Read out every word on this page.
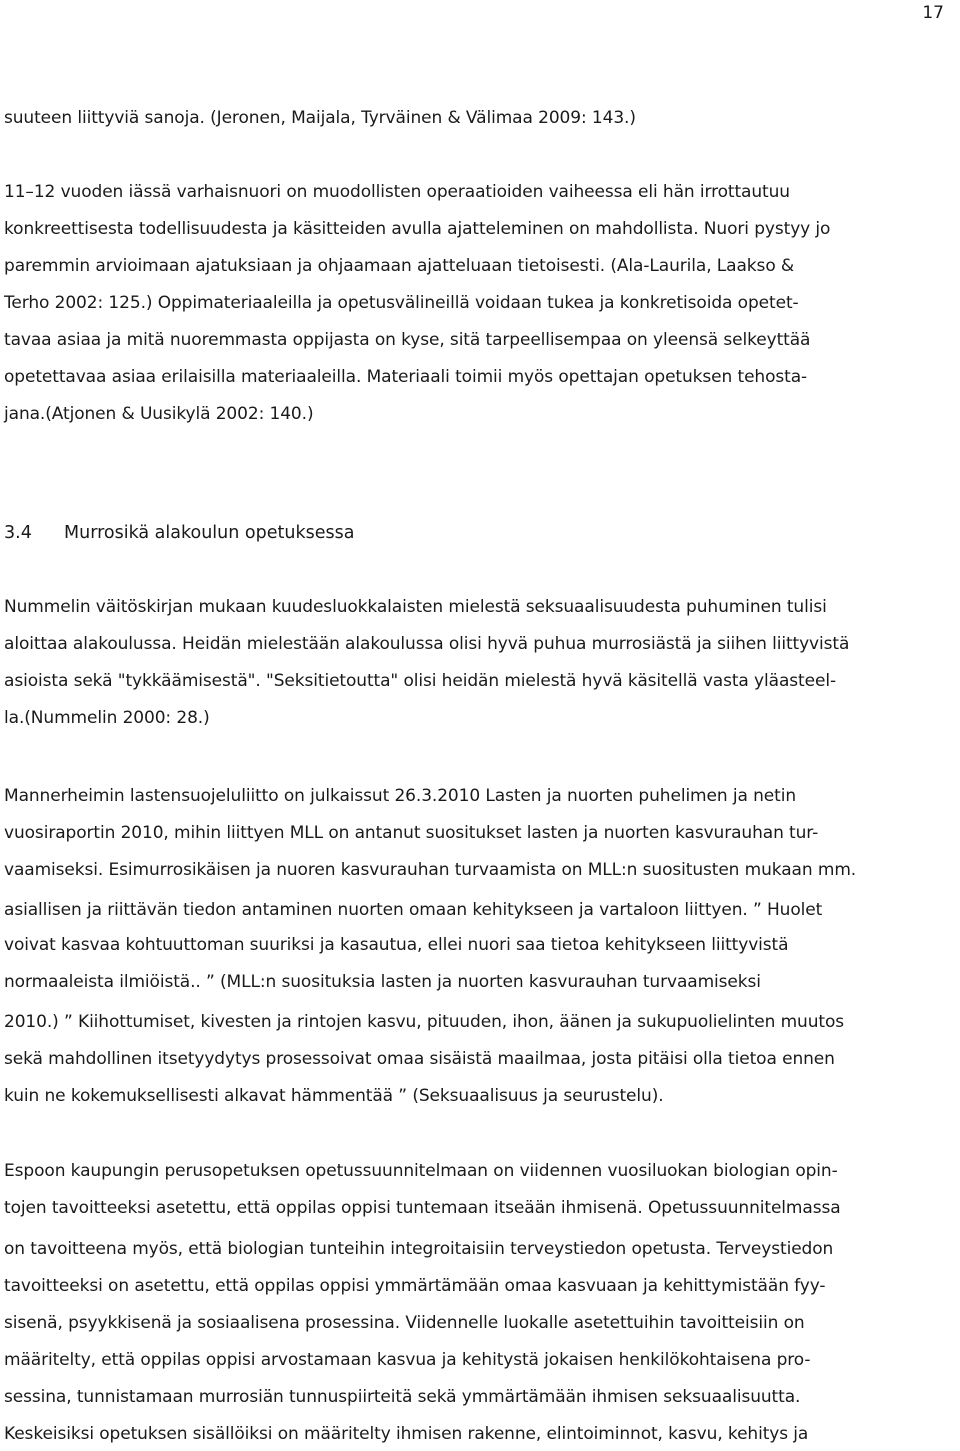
17
suuteen liittyviä sanoja. (Jeronen, Maijala, Tyrväinen & Välimaa 2009: 143.)
11–12 vuoden iässä varhaisnuori on muodollisten operaatioiden vaiheessa eli hän irrottautuu
konkreettisesta todellisuudesta ja käsitteiden avulla ajatteleminen on mahdollista. Nuori pystyy jo
paremmin arvioimaan ajatuksiaan ja ohjaamaan ajatteluaan tietoisesti. (Ala-Laurila, Laakso &
Terho 2002: 125.) Oppimateriaaleilla ja opetusvälineillä voidaan tukea ja konkretisoida opetet-
tavaa asiaa ja mitä nuoremmasta oppijasta on kyse, sitä tarpeellisempaa on yleensä selkeyttää
opetettavaa asiaa erilaisilla materiaaleilla. Materiaali toimii myös opettajan opetuksen tehosta-
jana.(Atjonen & Uusikylä 2002: 140.)
3.4 Murrosikä alakoulun opetuksessa
Nummelin väitöskirjan mukaan kuudesluokkalaisten mielestä seksuaalisuudesta puhuminen tulisi
aloittaa alakoulussa. Heidän mielestään alakoulussa olisi hyvä puhua murrosiästä ja siihen liittyvistä
asioista sekä "tykkäämisestä". "Seksitietoutta" olisi heidän mielestä hyvä käsitellä vasta yläasteel-
la.(Nummelin 2000: 28.)
Mannerheimin lastensuojeluliitto on julkaissut 26.3.2010 Lasten ja nuorten puhelimen ja netin
vuosiraportin 2010, mihin liittyen MLL on antanut suositukset lasten ja nuorten kasvurauhan tur-
vaamiseksi. Esimurrosikäisen ja nuoren kasvurauhan turvaamista on MLL:n suositusten mukaan mm.
asiallisen ja riittävän tiedon antaminen nuorten omaan kehitykseen ja vartaloon liittyen. ” Huolet
voivat kasvaa kohtuuttoman suuriksi ja kasautua, ellei nuori saa tietoa kehitykseen liittyvistä
normaaleista ilmiöistä.. ” (MLL:n suosituksia lasten ja nuorten kasvurauhan turvaamiseksi
2010.) ” Kiihottumiset, kivesten ja rintojen kasvu, pituuden, ihon, äänen ja sukupuolielinten muutos
sekä mahdollinen itsetyydytys prosessoivat omaa sisäistä maailmaa, josta pitäisi olla tietoa ennen
kuin ne kokemuksellisesti alkavat hämmentää ” (Seksuaalisuus ja seurustelu).
Espoon kaupungin perusopetuksen opetussuunnitelmaan on viidennen vuosiluokan biologian opin-
tojen tavoitteeksi asetettu, että oppilas oppisi tuntemaan itseään ihmisenä. Opetussuunnitelmassa
on tavoitteena myös, että biologian tunteihin integroitaisiin terveystiedon opetusta. Terveystiedon
tavoitteeksi on asetettu, että oppilas oppisi ymmärtämään omaa kasvuaan ja kehittymistään fyy-
sisenä, psyykkisenä ja sosiaalisena prosessina. Viidennelle luokalle asetettuihin tavoitteisiin on
määritelty, että oppilas oppisi arvostamaan kasvua ja kehitystä jokaisen henkilökohtaisena pro-
sessina, tunnistamaan murrosiän tunnuspiirteitä sekä ymmärtämään ihmisen seksuaalisuutta.
Keskeisiksi opetuksen sisällöiksi on määritelty ihmisen rakenne, elintoiminnot, kasvu, kehitys ja
